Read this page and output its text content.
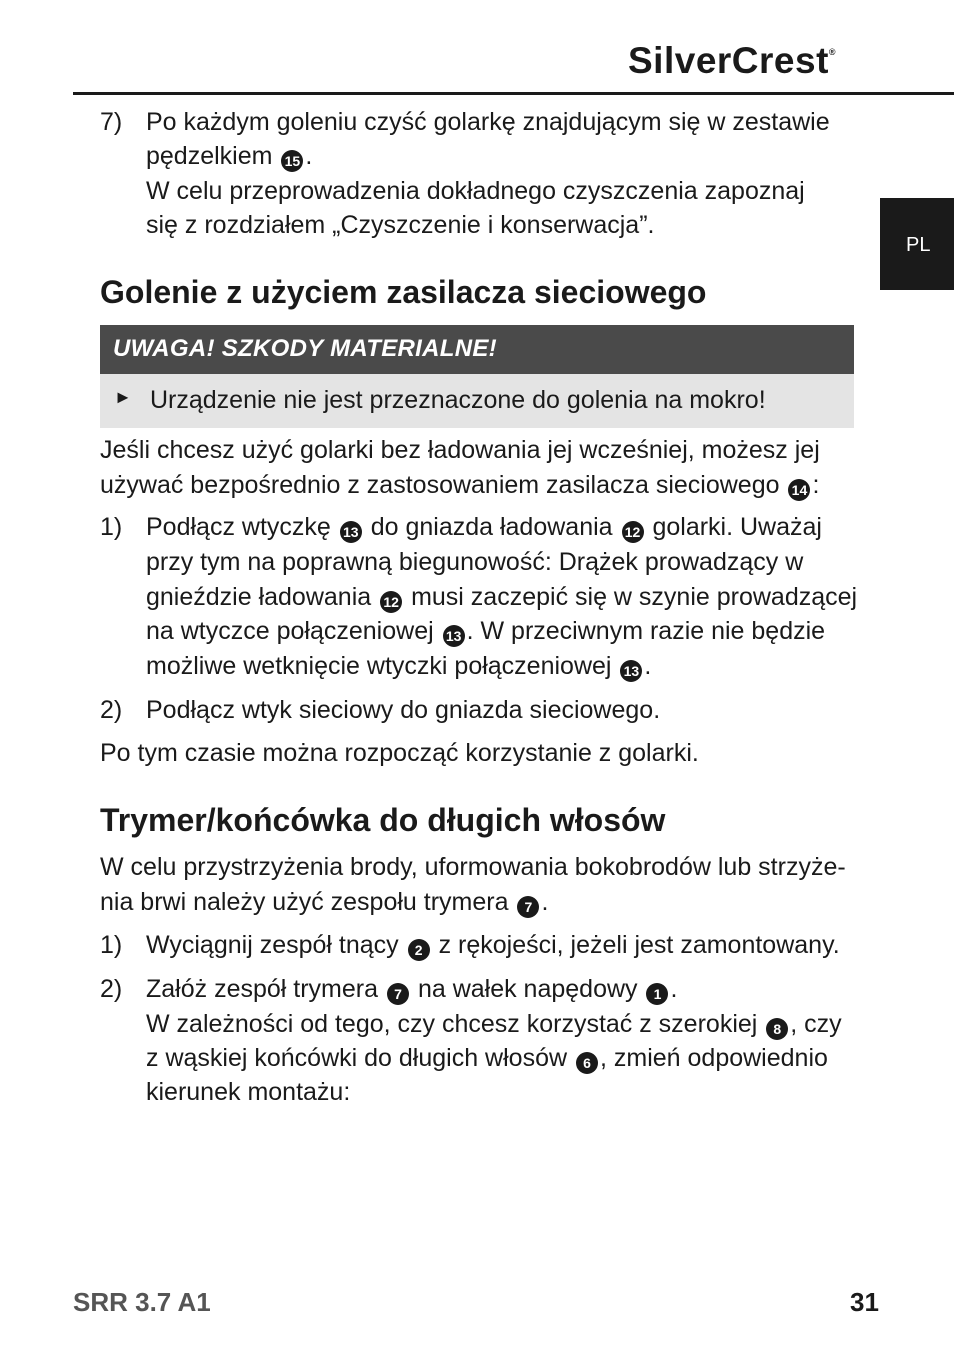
SilverCrest®
PL
7) Po każdym goleniu czyść golarkę znajdującym się w zestawie
pędzelkiem 15 .
W celu przeprowadzenia dokładnego czyszczenia zapoznaj
się z rozdziałem „Czyszczenie i konserwacja”.
Golenie z użyciem zasilacza sieciowego
UWAGA! SZKODY MATERIALNE!
► Urządzenie nie jest przeznaczone do golenia na mokro!
Jeśli chcesz użyć golarki bez ładowania jej wcześniej, możesz jej
używać bezpośrednio z zastosowaniem zasilacza sieciowego 14 :
1) Podłącz wtyczkę 13 do gniazda ładowania 12 golarki. Uważaj
przy tym na poprawną biegunowość: Drążek prowadzący w
gnieździe ładowania 12 musi zaczepić się w szynie prowadzącej
na wtyczce połączeniowej 13 . W przeciwnym razie nie będzie
możliwe wetknięcie wtyczki połączeniowej 13 .
2) Podłącz wtyk sieciowy do gniazda sieciowego.
Po tym czasie można rozpocząć korzystanie z golarki.
Trymer/końcówka do długich włosów
W celu przystrzyżenia brody, uformowania bokobrodów lub strzyże-
nia brwi należy użyć zespołu trymera 7 .
1) Wyciągnij zespół tnący 2 z rękojeści, jeżeli jest zamontowany.
2) Załóż zespół trymera 7 na wałek napędowy 1 .
W zależności od tego, czy chcesz korzystać z szerokiej 8 , czy
z wąskiej końcówki do długich włosów 6 , zmień odpowiednio
kierunek montażu:
SRR 3.7 A1	31
